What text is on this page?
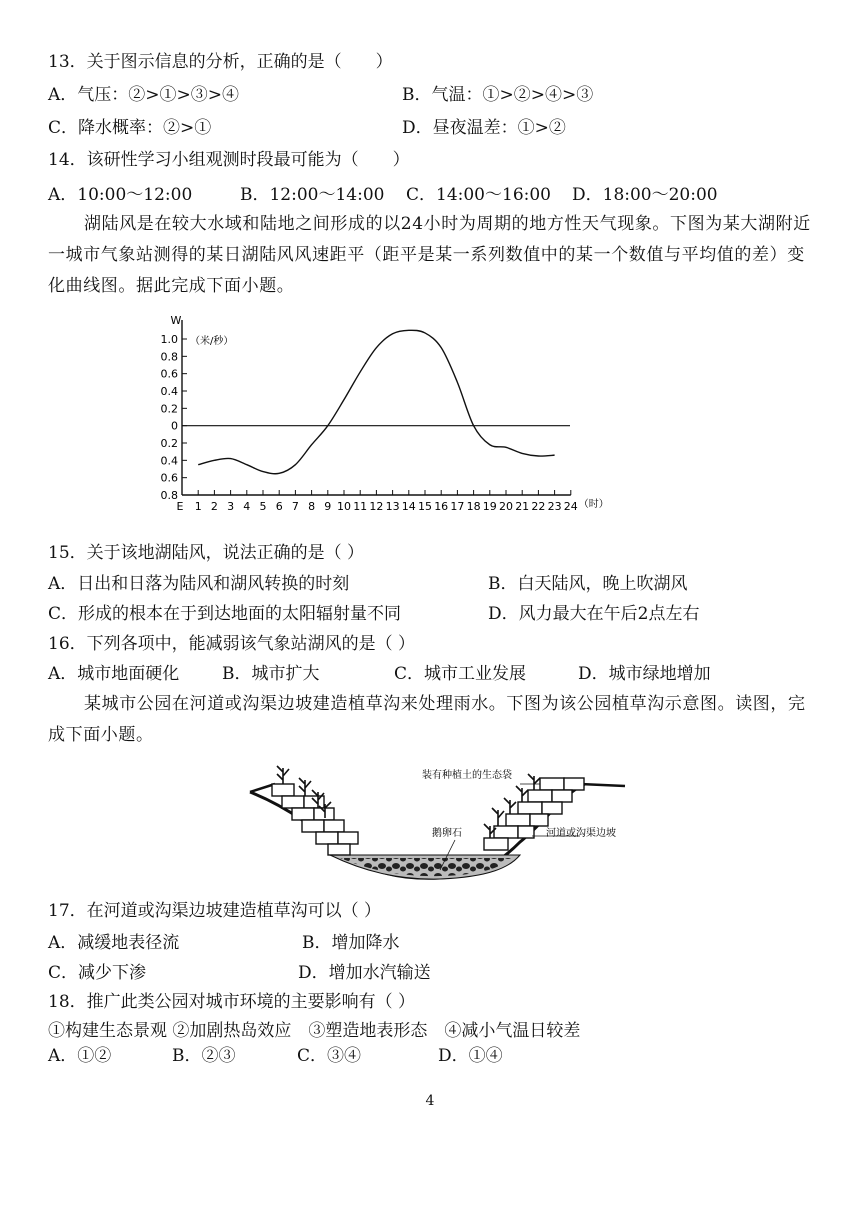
13．关于图示信息的分析，正确的是（　　）
A．气压：②>①>③>④	B．气温：①>②>④>③
C．降水概率：②>①	D．昼夜温差：①>②
14．该研性学习小组观测时段最可能为（　　）
A．10:00～12:00	B．12:00～14:00 C．14:00～16:00 D．18:00～20:00
湖陆风是在较大水域和陆地之间形成的以24小时为周期的地方性天气现象。下图为某大湖附近一城市气象站测得的某日湖陆风风速距平（距平是某一系列数值中的某一个数值与平均值的差）变化曲线图。据此完成下面小题。
1.0
0.8
0.6
0.4
0.2
0
0.2
0.4
0.6
0.8
1 2 3 4 5 6 7 8 9 10 11 12 13 14 15 16 17 18 19 20 21 22 23 24
W
（米/秒）
E	（时）
15．关于该地湖陆风，说法正确的是（ ）
A．日出和日落为陆风和湖风转换的时刻	B．白天陆风，晚上吹湖风
C．形成的根本在于到达地面的太阳辐射量不同	D．风力最大在午后2点左右
16．下列各项中，能减弱该气象站湖风的是（ ）
A．城市地面硬化	B．城市扩大	C．城市工业发展	D．城市绿地增加
某城市公园在河道或沟渠边坡建造植草沟来处理雨水。下图为该公园植草沟示意图。读图，完成下面小题。
装有种植土的生态袋
鹅卵石	河道或沟渠边坡
17．在河道或沟渠边坡建造植草沟可以（ ）
A．减缓地表径流	B．增加降水
C．减少下渗	D．增加水汽输送
18．推广此类公园对城市环境的主要影响有（ ）
①构建生态景观 ②加剧热岛效应　③塑造地表形态　④减小气温日较差
A．①②	B．②③	C．③④	D．①④
4
